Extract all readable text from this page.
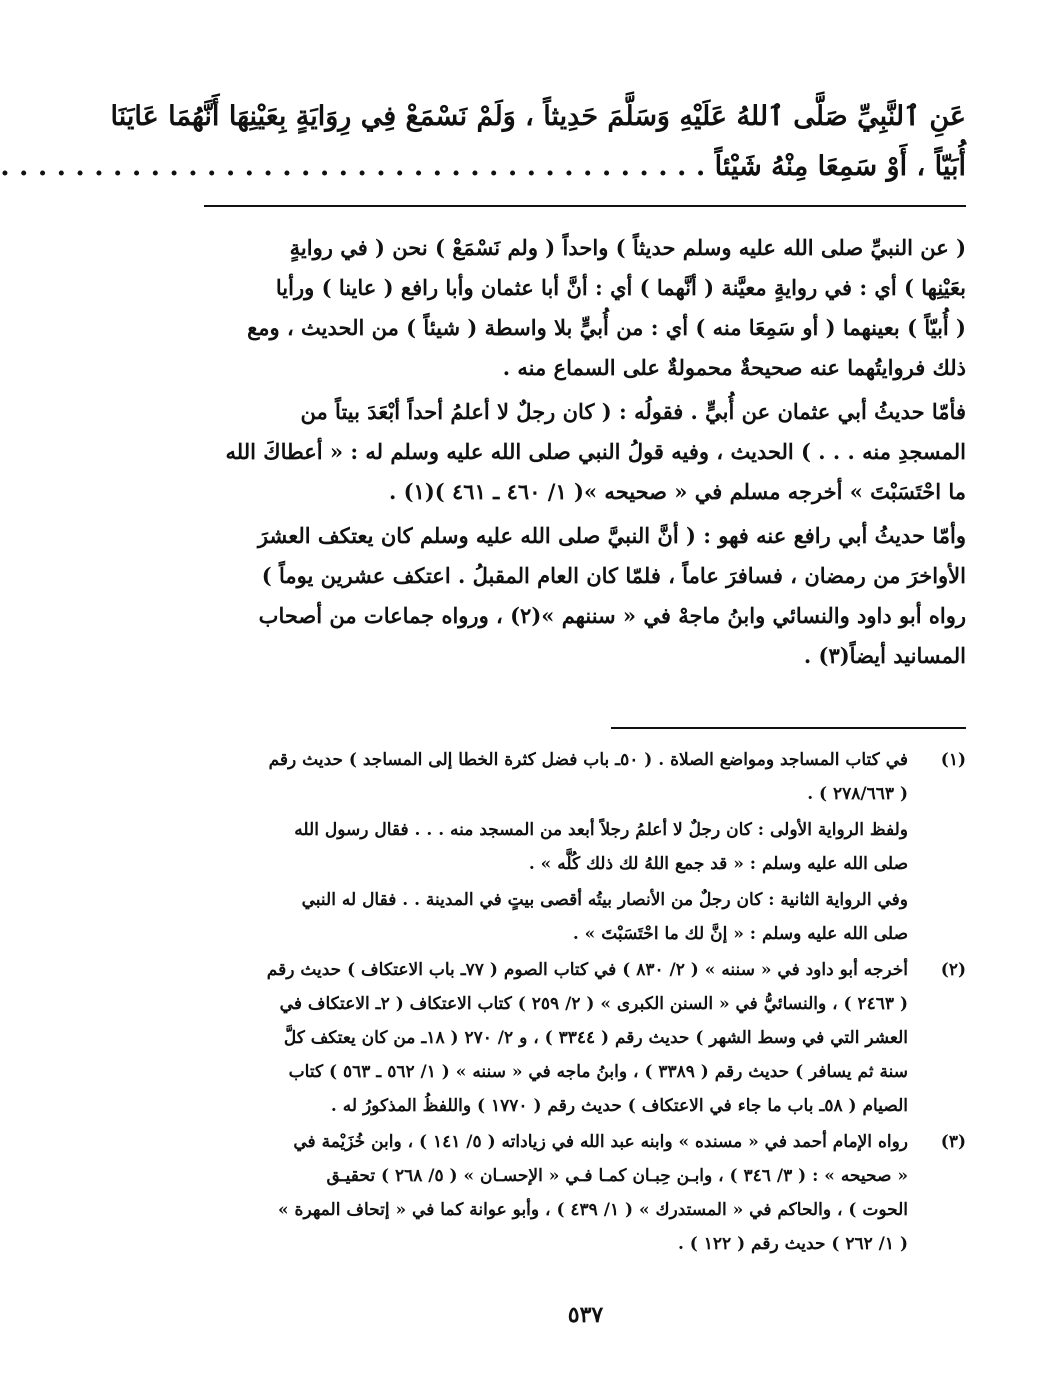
عَنِ ٱلنَّبِيِّ صَلَّى ٱللهُ عَلَيْهِ وَسَلَّمَ حَدِيثاً ، وَلَمْ نَسْمَعْ فِي رِوَايَةٍ بِعَيْنِهَا أَنَّهُمَا عَايَنَا
أُبَيّاً ، أَوْ سَمِعَا مِنْهُ شَيْئاً . . . . . . . . . . . . . . . . . . . . . . . . . . . . . . . . . . . . . .
( عن النبيِّ صلى الله عليه وسلم حديثاً ) واحداً ( ولم نَسْمَعْ ) نحن ( في روايةٍ
بعَيْنِها ) أي : في روايةٍ معيَّنة ( أنَّهما ) أي : أنَّ أبا عثمان وأبا رافع ( عاينا ) ورأيا
( أُبيّاً ) بعينهما ( أو سَمِعَا منه ) أي : من أُبيٍّ بلا واسطة ( شيئاً ) من الحديث ، ومع
ذلك فروايتُهما عنه صحيحةٌ محمولةٌ على السماع منه .
فأمّا حديثُ أبي عثمان عن أُبيٍّ . فقولُه : ( كان رجلٌ لا أعلمُ أحداً أبْعَدَ بيتاً من
المسجدِ منه . . . ) الحديث ، وفيه قولُ النبي صلى الله عليه وسلم له : « أعطاكَ الله
ما احْتَسَبْتَ » أخرجه مسلم في « صحيحه »( ١/ ٤٦٠ ـ ٤٦١ )(١) .
وأمّا حديثُ أبي رافع عنه فهو : ( أنَّ النبيَّ صلى الله عليه وسلم كان يعتكف العشرَ
الأواخرَ من رمضان ، فسافرَ عاماً ، فلمّا كان العام المقبلُ . اعتكف عشرين يوماً )
رواه أبو داود والنسائي وابنُ ماجهْ في « سننهم »(٢) ، ورواه جماعات من أصحاب
المسانيد أيضاً(٣) .
(١)
في كتاب المساجد ومواضع الصلاة . ( ٥٠ـ باب فضل كثرة الخطا إلى المساجد ) حديث رقم
( ٢٧٨/٦٦٣ ) .
ولفظ الرواية الأولى : كان رجلٌ لا أعلمُ رجلاً أبعد من المسجد منه . . . فقال رسول الله
صلى الله عليه وسلم : « قد جمع اللهُ لك ذلك كُلَّه » .
وفي الرواية الثانية : كان رجلٌ من الأنصار بيتُه أقصى بيتٍ في المدينة . . فقال له النبي
صلى الله عليه وسلم : « إنَّ لك ما احْتَسَبْتَ » .
(٢)
أخرجه أبو داود في « سننه » ( ٢/ ٨٣٠ ) في كتاب الصوم ( ٧٧ـ باب الاعتكاف ) حديث رقم
( ٢٤٦٣ ) ، والنسائيُّ في « السنن الكبرى » ( ٢/ ٢٥٩ ) كتاب الاعتكاف ( ٢ـ الاعتكاف في
العشر التي في وسط الشهر ) حديث رقم ( ٣٣٤٤ ) ، و ٢/ ٢٧٠ ( ١٨ـ من كان يعتكف كلَّ
سنة ثم يسافر ) حديث رقم ( ٣٣٨٩ ) ، وابنُ ماجه في « سننه » ( ١/ ٥٦٢ ـ ٥٦٣ ) كتاب
الصيام ( ٥٨ـ باب ما جاء في الاعتكاف ) حديث رقم ( ١٧٧٠ ) واللفظُ المذكورُ له .
(٣)
رواه الإمام أحمد في « مسنده » وابنه عبد الله في زياداته ( ٥/ ١٤١ ) ، وابن خُزَيْمة في
« صحيحه » : ( ٣/ ٣٤٦ ) ، وابـن حِبـان كمـا فـي « الإحسـان » ( ٥/ ٢٦٨ ) تحقيـق
الحوت ) ، والحاكم في « المستدرك » ( ١/ ٤٣٩ ) ، وأبو عوانة كما في « إتحاف المهرة »
( ١/ ٢٦٢ ) حديث رقم ( ١٢٢ ) .
٥٣٧
